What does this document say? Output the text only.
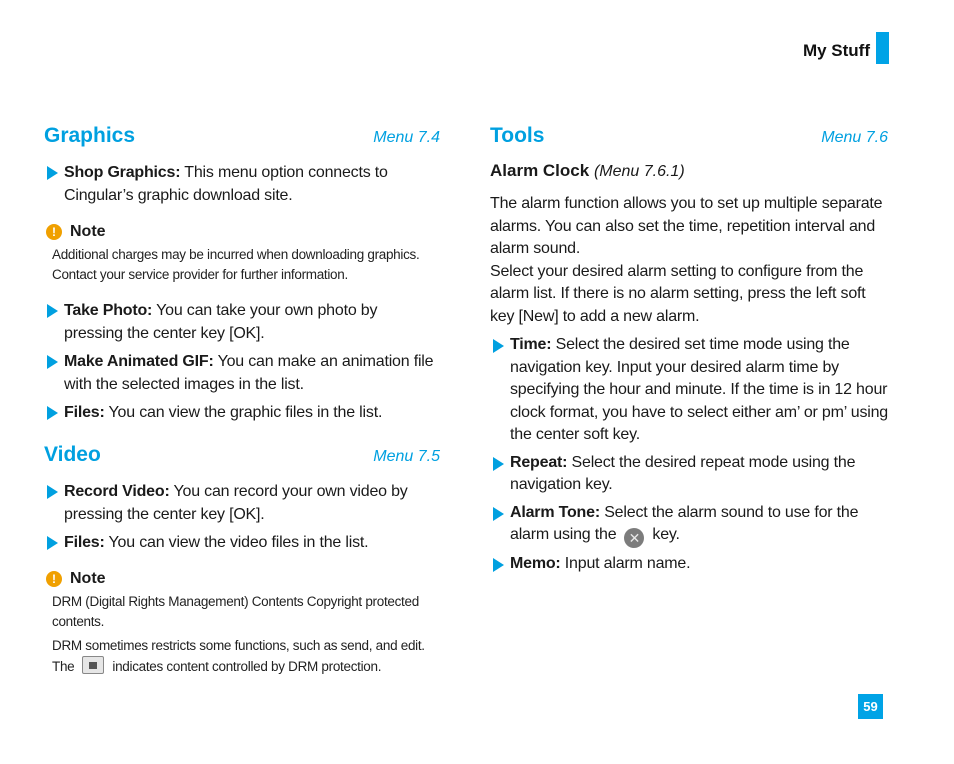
My Stuff
Graphics	Menu 7.4
Shop Graphics: This menu option connects to Cingular’s graphic download site.
! Note
Additional charges may be incurred when downloading graphics. Contact your service provider for further information.
Take Photo: You can take your own photo by pressing the center key [OK].
Make Animated GIF: You can make an animation file with the selected images in the list.
Files: You can view the graphic files in the list.
Video	Menu 7.5
Record Video: You can record your own video by pressing the center key [OK].
Files: You can view the video files in the list.
! Note
DRM (Digital Rights Management) Contents Copyright protected contents.
DRM sometimes restricts some functions, such as send, and edit. The	indicates content controlled by DRM protection.
Tools	Menu 7.6
Alarm Clock (Menu 7.6.1)
The alarm function allows you to set up multiple separate alarms. You can also set the time, repetition interval and alarm sound.
Select your desired alarm setting to configure from the alarm list. If there is no alarm setting, press the left soft key [New] to add a new alarm.
Time: Select the desired set time mode using the navigation key. Input your desired alarm time by specifying the hour and minute. If the time is in 12 hour clock format, you have to select either am’ or pm’ using the center soft key.
Repeat: Select the desired repeat mode using the navigation key.
Alarm Tone: Select the alarm sound to use for the alarm using the ✕ key.
Memo: Input alarm name.
59
